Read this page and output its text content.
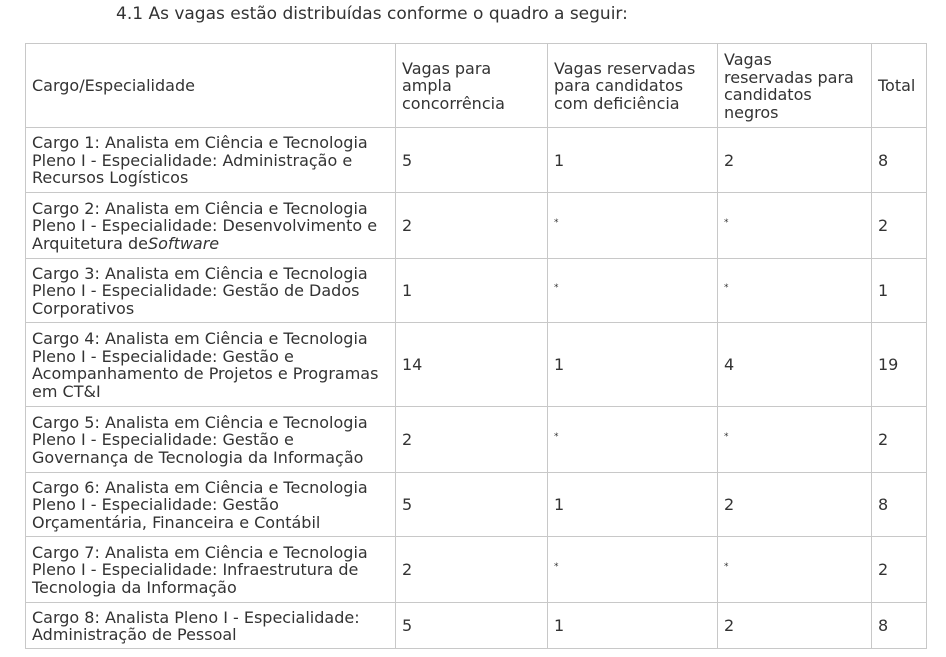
4.1 As vagas estão distribuídas conforme o quadro a seguir:

Cargo/Especialidade	Vagas para ampla concorrência	Vagas reservadas para candidatos com deficiência	Vagas reservadas para candidatos negros	Total
Cargo 1: Analista em Ciência e Tecnologia Pleno I - Especialidade: Administração e Recursos Logísticos	5	1	2	8
Cargo 2: Analista em Ciência e Tecnologia Pleno I - Especialidade: Desenvolvimento e Arquitetura deSoftware	2	*	*	2
Cargo 3: Analista em Ciência e Tecnologia Pleno I - Especialidade: Gestão de Dados Corporativos	1	*	*	1
Cargo 4: Analista em Ciência e Tecnologia Pleno I - Especialidade: Gestão e Acompanhamento de Projetos e Programas em CT&I	14	1	4	19
Cargo 5: Analista em Ciência e Tecnologia Pleno I - Especialidade: Gestão e Governança de Tecnologia da Informação	2	*	*	2
Cargo 6: Analista em Ciência e Tecnologia Pleno I - Especialidade: Gestão Orçamentária, Financeira e Contábil	5	1	2	8
Cargo 7: Analista em Ciência e Tecnologia Pleno I - Especialidade: Infraestrutura de Tecnologia da Informação	2	*	*	2
Cargo 8: Analista Pleno I - Especialidade: Administração de Pessoal	5	1	2	8
